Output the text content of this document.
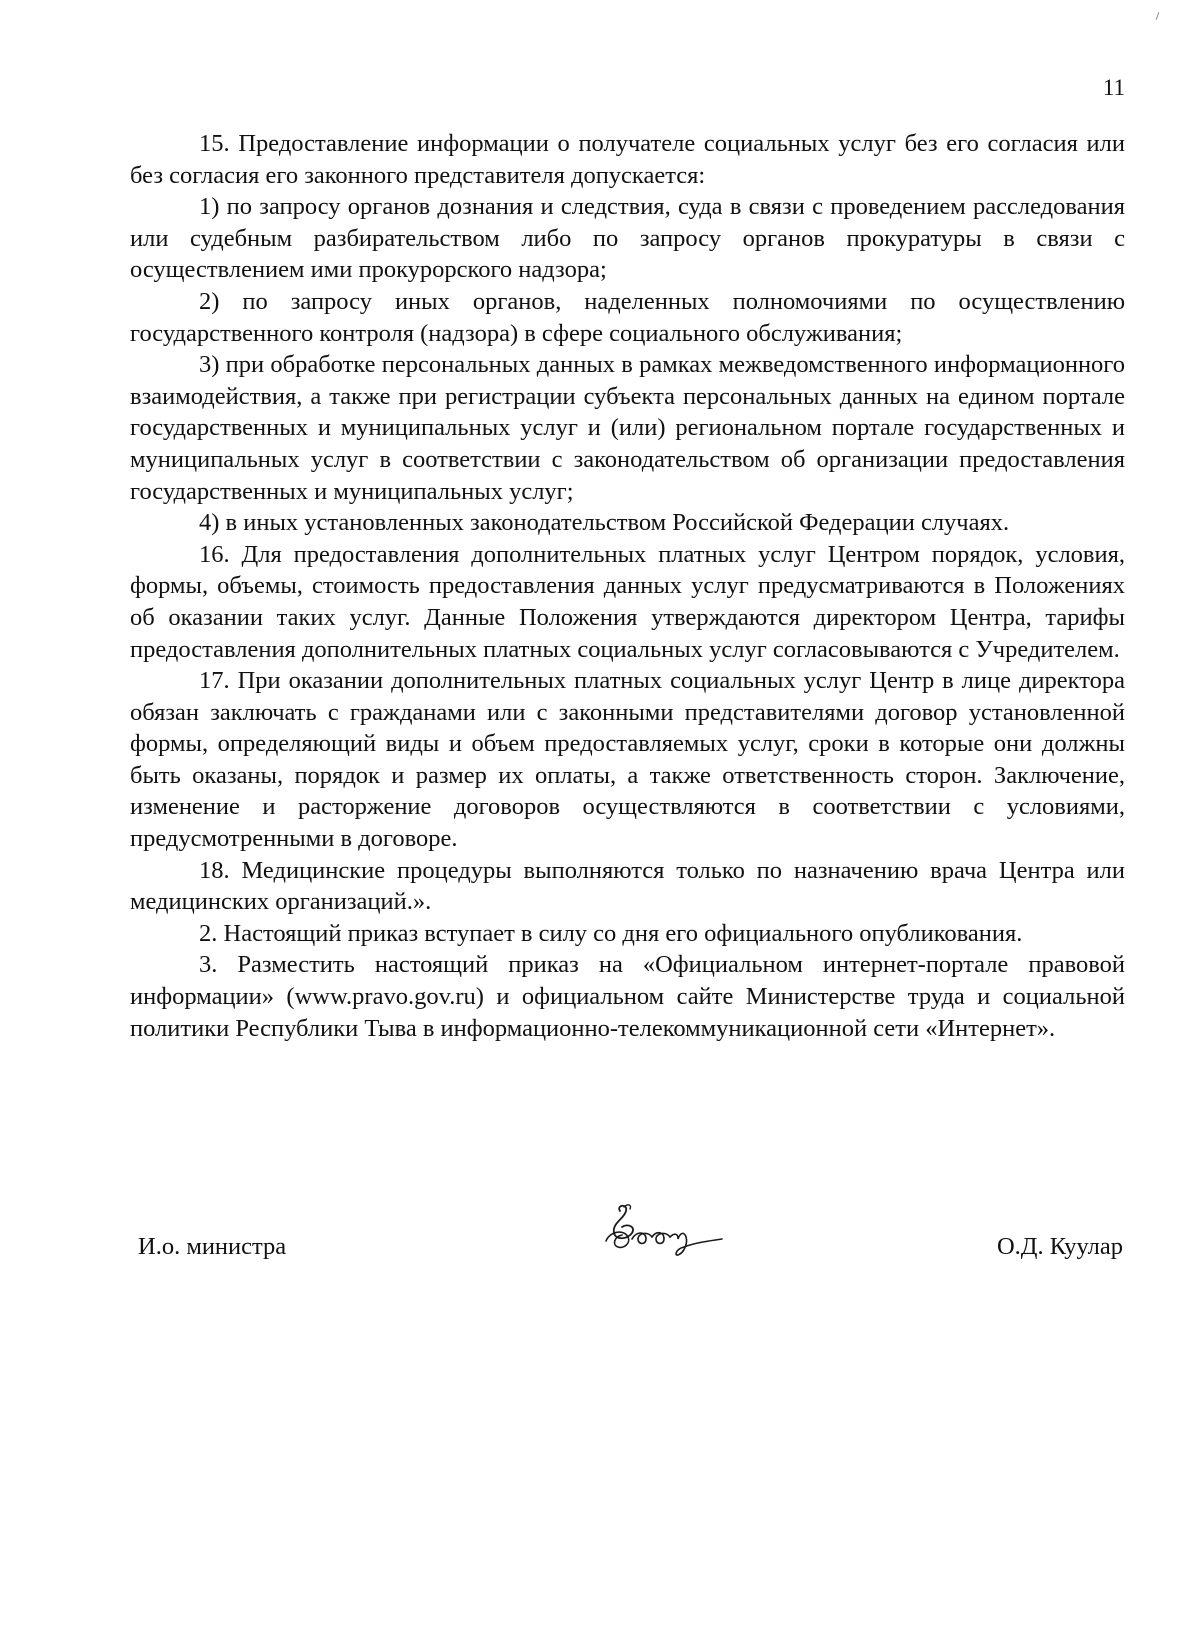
11

15. Предоставление информации о получателе социальных услуг без его согласия или без согласия его законного представителя допускается:

1) по запросу органов дознания и следствия, суда в связи с проведением расследования или судебным разбирательством либо по запросу органов прокуратуры в связи с осуществлением ими прокурорского надзора;

2) по запросу иных органов, наделенных полномочиями по осуществлению государственного контроля (надзора) в сфере социального обслуживания;

3) при обработке персональных данных в рамках межведомственного информационного взаимодействия, а также при регистрации субъекта персональных данных на едином портале государственных и муниципальных услуг и (или) региональном портале государственных и муниципальных услуг в соответствии с законодательством об организации предоставления государственных и муниципальных услуг;

4) в иных установленных законодательством Российской Федерации случаях.

16. Для предоставления дополнительных платных услуг Центром порядок, условия, формы, объемы, стоимость предоставления данных услуг предусматриваются в Положениях об оказании таких услуг. Данные Положения утверждаются директором Центра, тарифы предоставления дополнительных платных социальных услуг согласовываются с Учредителем.

17. При оказании дополнительных платных социальных услуг Центр в лице директора обязан заключать с гражданами или с законными представителями договор установленной формы, определяющий виды и объем предоставляемых услуг, сроки в которые они должны быть оказаны, порядок и размер их оплаты, а также ответственность сторон. Заключение, изменение и расторжение договоров осуществляются в соответствии с условиями, предусмотренными в договоре.

18. Медицинские процедуры выполняются только по назначению врача Центра или медицинских организаций.».

2. Настоящий приказ вступает в силу со дня его официального опубликования.

3. Разместить настоящий приказ на «Официальном интернет-портале правовой информации» (www.pravo.gov.ru) и официальном сайте Министерстве труда и социальной политики Республики Тыва в информационно-телекоммуникационной сети «Интернет».

И.о. министра	О.Д. Куулар
